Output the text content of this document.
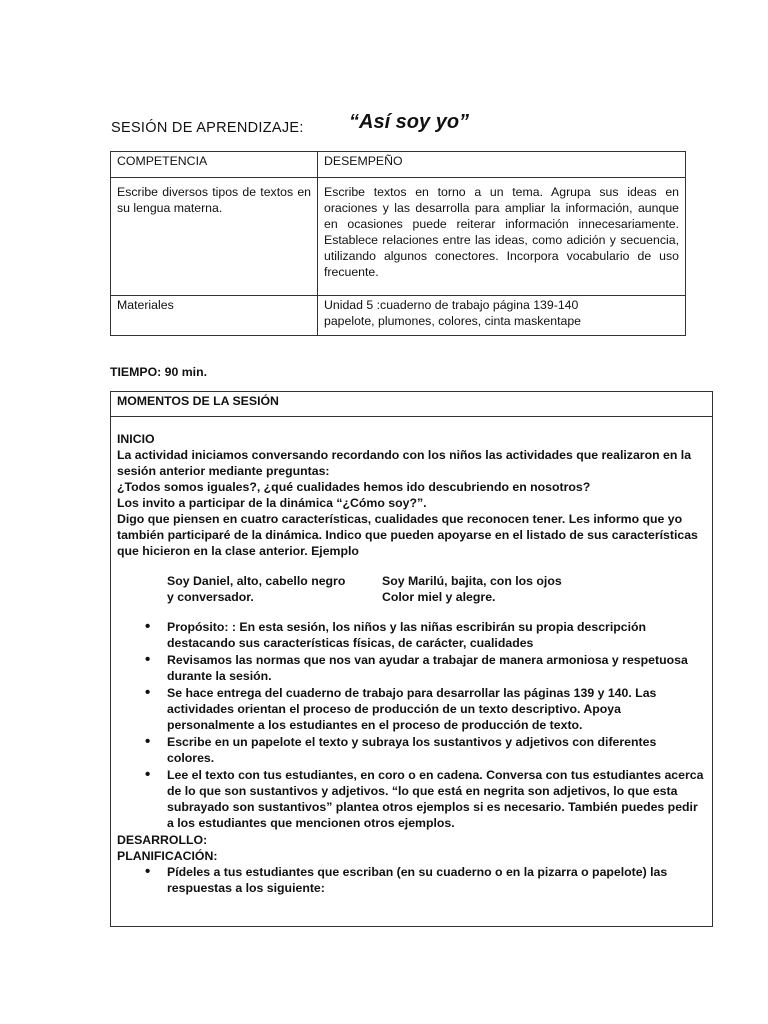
SESIÓN DE APRENDIZAJE: “Así soy yo”
COMPETENCIA	DESEMPEÑO
Escribe diversos tipos de textos en su lengua materna.	Escribe textos en torno a un tema. Agrupa sus ideas en oraciones y las desarrolla para ampliar la información, aunque en ocasiones puede reiterar información innecesariamente. Establece relaciones entre las ideas, como adición y secuencia, utilizando algunos conectores. Incorpora vocabulario de uso frecuente.
Materiales	Unidad 5 :cuaderno de trabajo página 139-140
papelote, plumones, colores, cinta maskentape
TIEMPO: 90 min.
MOMENTOS DE LA SESIÓN

INICIO

La actividad iniciamos conversando recordando con los niños las actividades que realizaron en la sesión anterior mediante preguntas:

¿Todos somos iguales?, ¿qué cualidades hemos ido descubriendo en nosotros?

Los invito a participar de la dinámica “¿Cómo soy?”.

Digo que piensen en cuatro características, cualidades que reconocen tener. Les informo que yo también participaré de la dinámica. Indico que pueden apoyarse en el listado de sus características que hicieron en la clase anterior. Ejemplo

Soy Daniel, alto, cabello negro
y conversador.
Soy Marilú, bajita, con los ojos
Color miel y alegre.
• Propósito: : En esta sesión, los niños y las niñas escribirán su propia descripción destacando sus características físicas, de carácter, cualidades
• Revisamos las normas que nos van ayudar a trabajar de manera armoniosa y respetuosa durante la sesión.
• Se hace entrega del cuaderno de trabajo para desarrollar las páginas 139 y 140. Las actividades orientan el proceso de producción de un texto descriptivo. Apoya personalmente a los estudiantes en el proceso de producción de texto.
• Escribe en un papelote el texto y subraya los sustantivos y adjetivos con diferentes colores.
• Lee el texto con tus estudiantes, en coro o en cadena. Conversa con tus estudiantes acerca de lo que son sustantivos y adjetivos. “lo que está en negrita son adjetivos, lo que esta subrayado son sustantivos” plantea otros ejemplos si es necesario. También puedes pedir a los estudiantes que mencionen otros ejemplos.

DESARROLLO:

PLANIFICACIÓN:

• Pídeles a tus estudiantes que escriban (en su cuaderno o en la pizarra o papelote) las respuestas a los siguiente:
